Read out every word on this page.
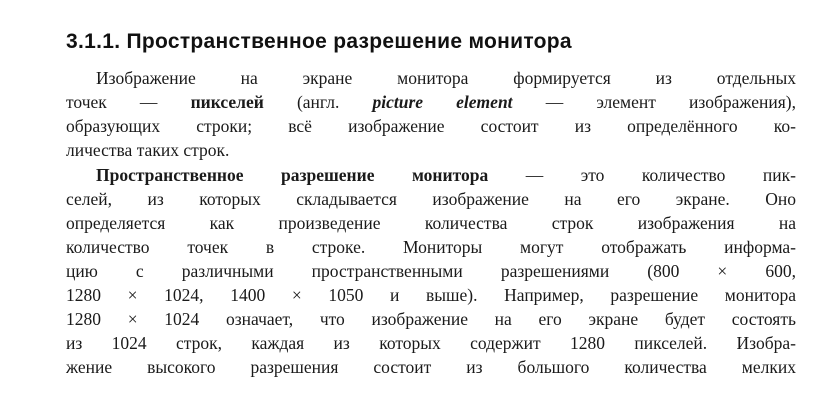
3.1.1. Пространственное разрешение монитора
Изображение на экране монитора формируется из отдельных
точек — пикселей (англ. picture element — элемент изображения),
образующих строки; всё изображение состоит из определённого ко-
личества таких строк.
Пространственное разрешение монитора — это количество пик-
селей, из которых складывается изображение на его экране. Оно
определяется как произведение количества строк изображения на
количество точек в строке. Мониторы могут отображать информа-
цию с различными пространственными разрешениями (800 × 600,
1280 × 1024, 1400 × 1050 и выше). Например, разрешение монитора
1280 × 1024 означает, что изображение на его экране будет состоять
из 1024 строк, каждая из которых содержит 1280 пикселей. Изобра-
жение высокого разрешения состоит из большого количества мелких
